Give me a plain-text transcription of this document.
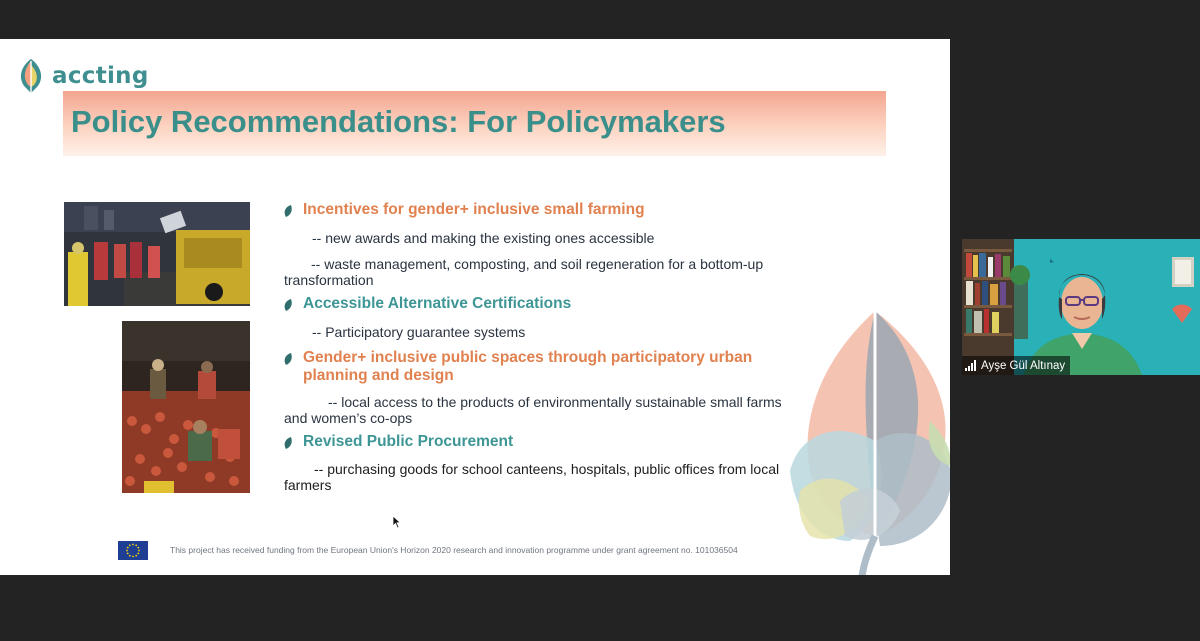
accting
Policy Recommendations: For Policymakers
Incentives for gender+ inclusive small farming
-- new awards and making the existing ones accessible
-- waste management, composting, and soil regeneration for a bottom-up transformation
Accessible Alternative Certifications
-- Participatory guarantee systems
Gender+ inclusive public spaces through participatory urban planning and design
-- local access to the products of environmentally sustainable small farms and women’s co-ops
Revised Public Procurement
-- purchasing goods for school canteens, hospitals, public offices from local farmers
This project has received funding from the European Union's Horizon 2020 research and innovation programme under grant agreement no. 101036504
Ayşe Gül Altınay
